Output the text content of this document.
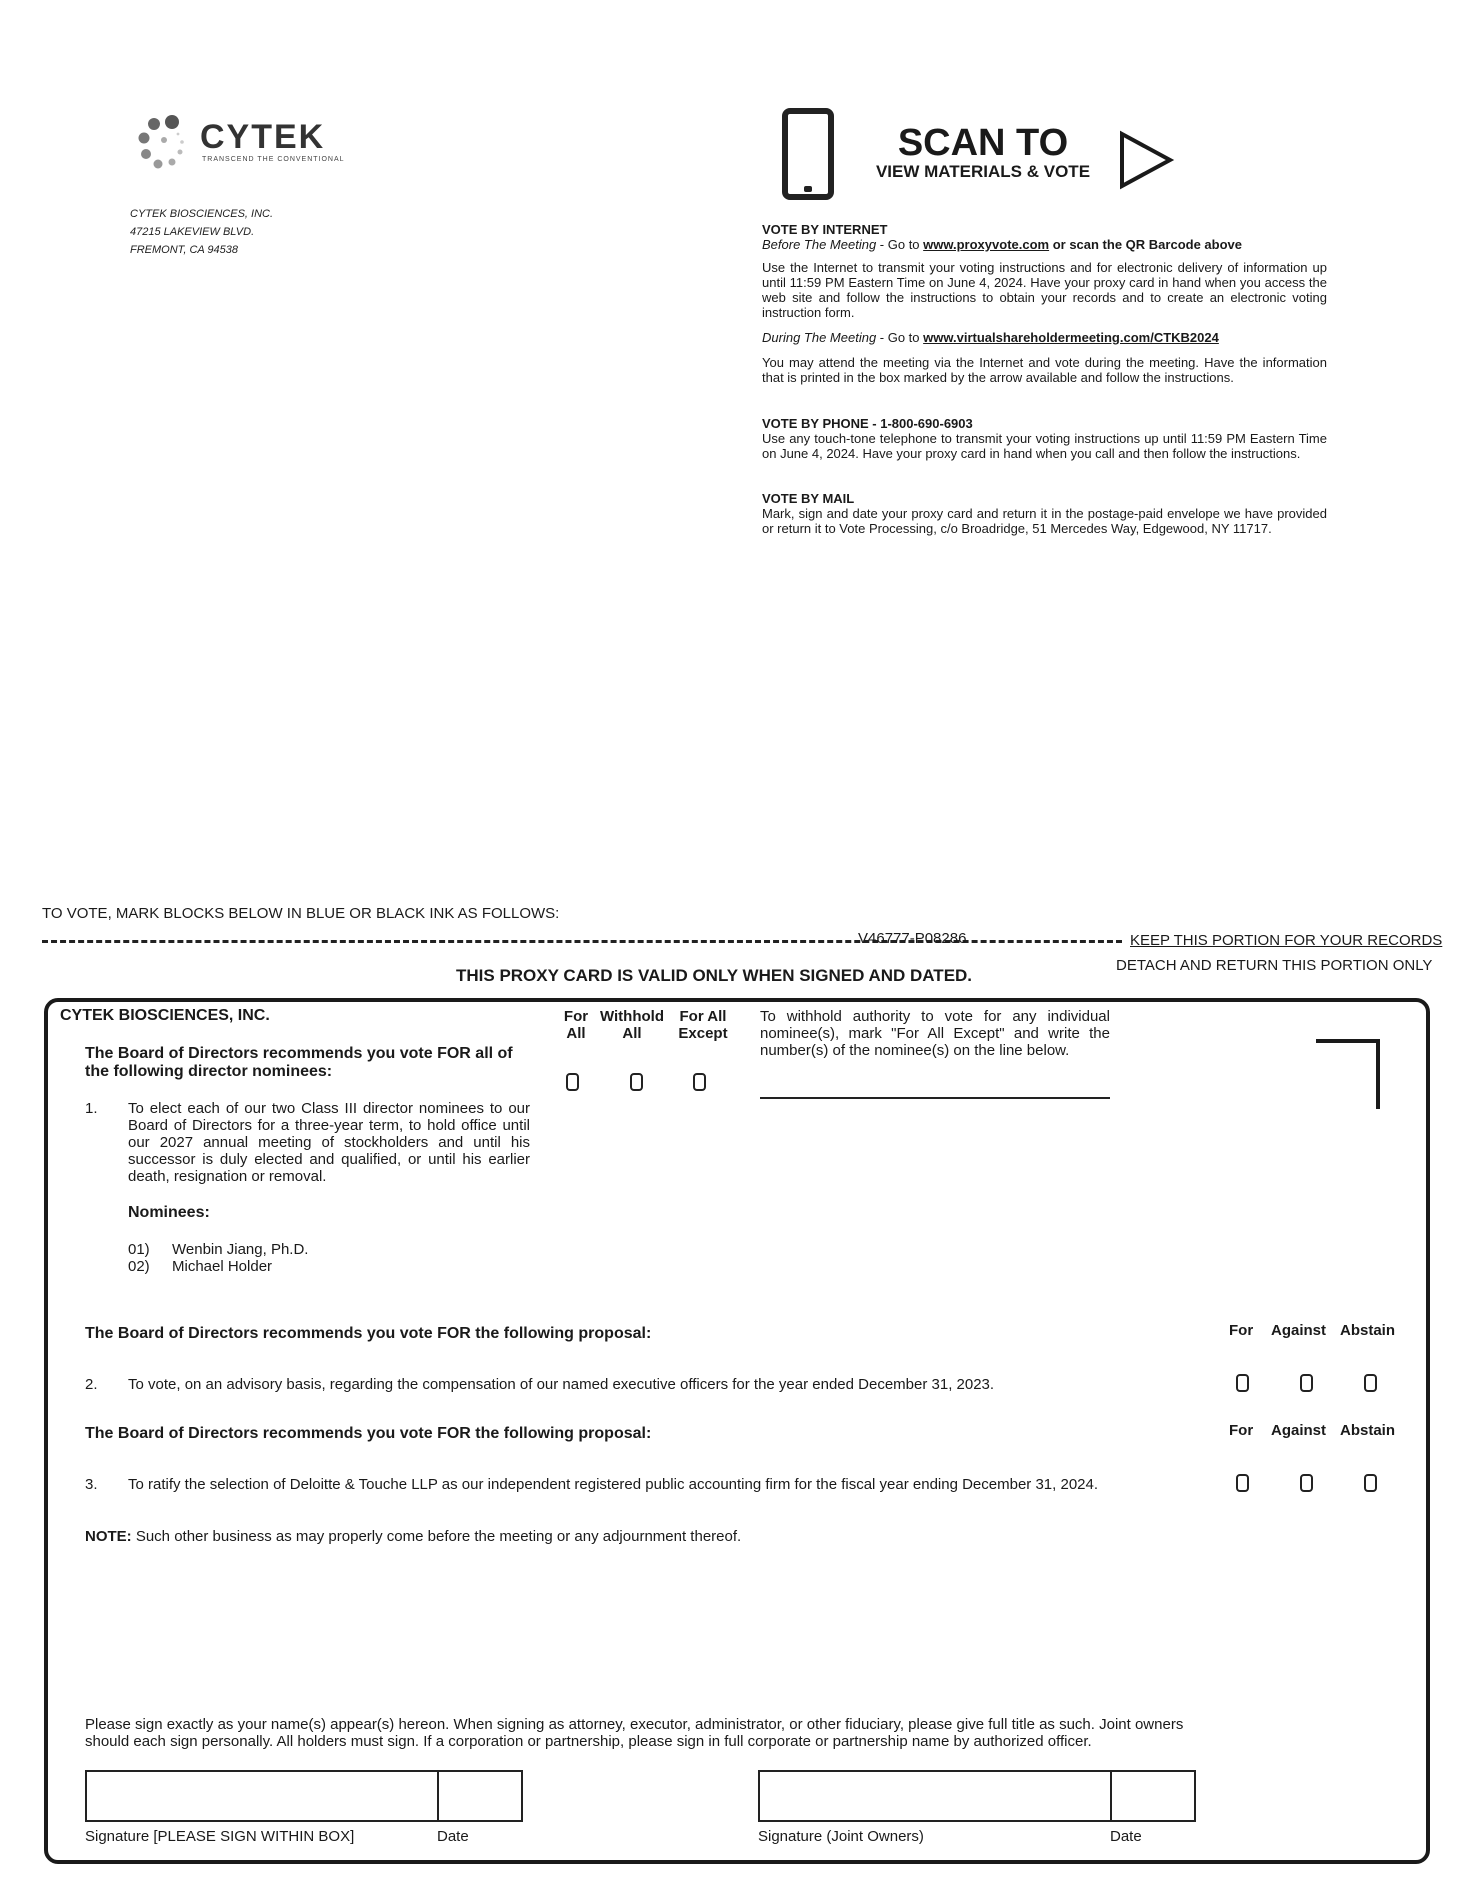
CYTEK
TRANSCEND THE CONVENTIONAL
CYTEK BIOSCIENCES, INC.
47215 LAKEVIEW BLVD.
FREMONT, CA 94538
SCAN TO
VIEW MATERIALS & VOTE

VOTE BY INTERNET

Before The Meeting - Go to www.proxyvote.com or scan the QR Barcode above

Use the Internet to transmit your voting instructions and for electronic delivery of information up until 11:59 PM Eastern Time on June 4, 2024. Have your proxy card in hand when you access the web site and follow the instructions to obtain your records and to create an electronic voting instruction form.

During The Meeting - Go to www.virtualshareholdermeeting.com/CTKB2024

You may attend the meeting via the Internet and vote during the meeting. Have the information that is printed in the box marked by the arrow available and follow the instructions.

VOTE BY PHONE - 1-800-690-6903

Use any touch-tone telephone to transmit your voting instructions up until 11:59 PM Eastern Time on June 4, 2024. Have your proxy card in hand when you call and then follow the instructions.

VOTE BY MAIL

Mark, sign and date your proxy card and return it in the postage-paid envelope we have provided or return it to Vote Processing, c/o Broadridge, 51 Mercedes Way, Edgewood, NY 11717.

TO VOTE, MARK BLOCKS BELOW IN BLUE OR BLACK INK AS FOLLOWS:
V46777-P08286	KEEP THIS PORTION FOR YOUR RECORDS
DETACH AND RETURN THIS PORTION ONLY
THIS PROXY CARD IS VALID ONLY WHEN SIGNED AND DATED.
CYTEK BIOSCIENCES, INC.
The Board of Directors recommends you vote FOR all of the following director nominees:
1. To elect each of our two Class III director nominees to our Board of Directors for a three-year term, to hold office until our 2027 annual meeting of stockholders and until his successor is duly elected and qualified, or until his earlier death, resignation or removal.
Nominees:
01) Wenbin Jiang, Ph.D.
02) Michael Holder
For
All
Withhold
All
For All
Except
To withhold authority to vote for any individual nominee(s), mark "For All Except" and write the number(s) of the nominee(s) on the line below.
The Board of Directors recommends you vote FOR the following proposal:	For Against Abstain
2. To vote, on an advisory basis, regarding the compensation of our named executive officers for the year ended December 31, 2023.
The Board of Directors recommends you vote FOR the following proposal:	For Against Abstain
3. To ratify the selection of Deloitte & Touche LLP as our independent registered public accounting firm for the fiscal year ending December 31, 2024.
NOTE: Such other business as may properly come before the meeting or any adjournment thereof.
Please sign exactly as your name(s) appear(s) hereon. When signing as attorney, executor, administrator, or other fiduciary, please give full title as such. Joint owners should each sign personally. All holders must sign. If a corporation or partnership, please sign in full corporate or partnership name by authorized officer.
Signature [PLEASE SIGN WITHIN BOX]	Date	Signature (Joint Owners)	Date
